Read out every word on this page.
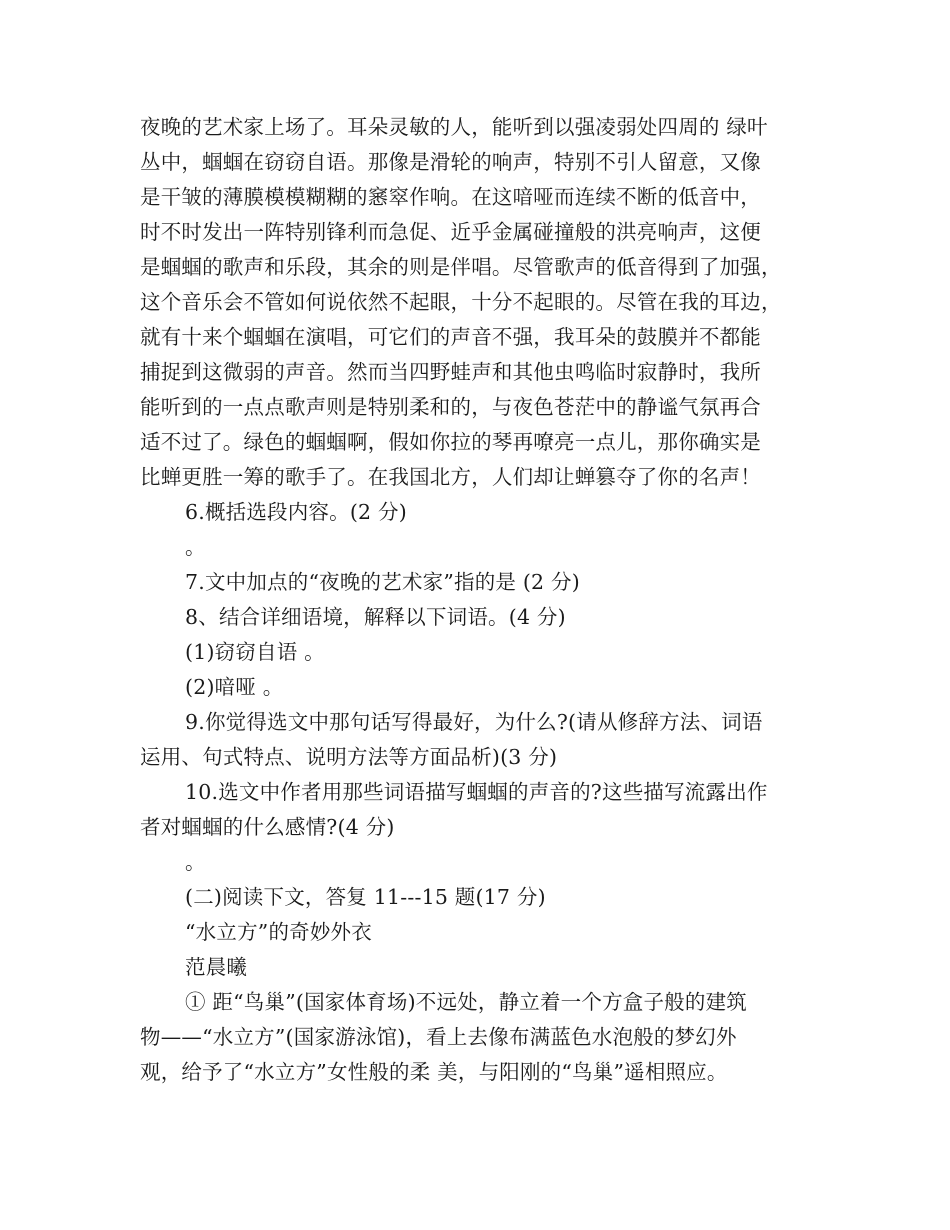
夜晚的艺术家上场了。耳朵灵敏的人，能听到以强凌弱处四周的 绿叶
丛中，蝈蝈在窃窃自语。那像是滑轮的响声，特别不引人留意，又像
是干皱的薄膜模模糊糊的窸窣作响。在这喑哑而连续不断的低音中，
时不时发出一阵特别锋利而急促、近乎金属碰撞般的洪亮响声，这便
是蝈蝈的歌声和乐段，其余的则是伴唱。尽管歌声的低音得到了加强，
这个音乐会不管如何说依然不起眼，十分不起眼的。尽管在我的耳边，
就有十来个蝈蝈在演唱，可它们的声音不强，我耳朵的鼓膜并不都能
捕捉到这微弱的声音。然而当四野蛙声和其他虫鸣临时寂静时，我所
能听到的一点点歌声则是特别柔和的，与夜色苍茫中的静谧气氛再合
适不过了。绿色的蝈蝈啊，假如你拉的琴再嘹亮一点儿，那你确实是
比蝉更胜一筹的歌手了。在我国北方，人们却让蝉篡夺了你的名声！
6.概括选段内容。(2 分)
。
7.文中加点的“夜晚的艺术家”指的是 (2 分)
8、结合详细语境，解释以下词语。(4 分)
(1)窃窃自语 。
(2)喑哑 。
9.你觉得选文中那句话写得最好，为什么?(请从修辞方法、词语
运用、句式特点、说明方法等方面品析)(3 分)
10.选文中作者用那些词语描写蝈蝈的声音的?这些描写流露出作
者对蝈蝈的什么感情?(4 分)
。
(二)阅读下文，答复 11---15 题(17 分)
“水立方”的奇妙外衣
范晨曦
① 距“鸟巢”(国家体育场)不远处，静立着一个方盒子般的建筑
物——“水立方”(国家游泳馆)，看上去像布满蓝色水泡般的梦幻外
观，给予了“水立方”女性般的柔 美，与阳刚的“鸟巢”遥相照应。
